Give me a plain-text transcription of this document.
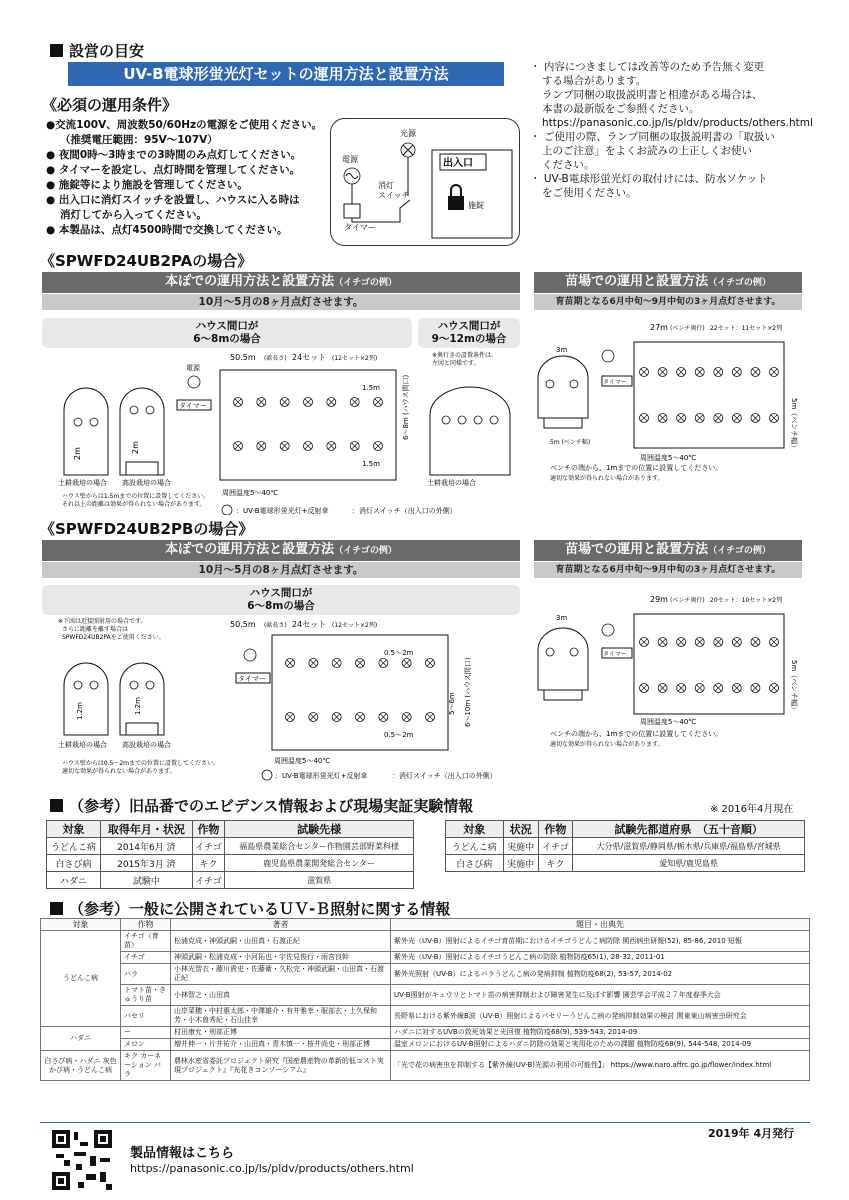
設営の目安
UV-B電球形蛍光灯セットの運用方法と設置方法
《必須の運用条件》
●交流100V、周波数50/60Hzの電源をご使用ください。
（推奨電圧範囲：95V～107V）
● 夜間0時～3時までの3時間のみ点灯してください。
● タイマーを設定し、点灯時間を管理してください。
● 施錠等により施設を管理してください。
● 出入口に消灯スイッチを設置し、ハウスに入る時は
消灯してから入ってください。
● 本製品は、点灯4500時間で交換してください。
電源
光源
タイマー
消灯
スイッチ
出入口
施錠
・ 内容につきましては改善等のため予告無く変更
する場合があります。
ランプ同梱の取扱説明書と相違がある場合は、
本書の最新版をご参照ください。
https://panasonic.co.jp/ls/pldv/products/others.html
・ ご使用の際、ランプ同梱の取扱説明書の「取扱い
上のご注意」をよくお読みの上正しくお使い
ください。
・ UV-B電球形蛍光灯の取付けには、防水ソケット
をご使用ください。
《SPWFD24UB2PAの場合》
本ぽでの運用方法と設置方法（イチゴの例）
10月～5月の8ヶ月点灯させます。
苗場での運用と設置方法（イチゴの例）
育苗期となる6月中旬～9月中旬の3ヶ月点灯させます。
ハウス間口が
6～8mの場合
ハウス間口が
9～12mの場合
2m
土耕栽培の場合
2m
高設栽培の場合
ハウス壁からは1.5mまでの位置に設置してください。
それ以上の距離は効果が得られない場合があります。
電源
タイマー
50.5m (畝長さ) 24セット (12セット×2列)
1.5m
1.5m
6～8m (ハウス間口)
周囲温度5～40℃
：UV-B電球形蛍光灯+反射傘	：消灯スイッチ（出入口の外側）
※奥行きの設置条件は、
左図と同様です。
土耕栽培の場合
27m (ベンチ奥行) 22セット：11セット×2列
5m (ベンチ幅)
3m
タイマー
5m（ベンチ幅）
周囲温度5～40℃
ベンチの端から、1mまでの位置に設置してください。
適切な効果が得られない場合があります。
《SPWFD24UB2PBの場合》
本ぽでの運用方法と設置方法（イチゴの例）
10月～5月の8ヶ月点灯させます。
苗場での運用と設置方法（イチゴの例）
育苗期となる6月中旬～9月中旬の3ヶ月点灯させます。
ハウス間口が
6～8mの場合
※下図は近接照射用の場合です。
さらに距離を離す場合は
SPWFD24UB2PAをご使用ください。
1.2m	1.2m
土耕栽培の場合 高設栽培の場合
ハウス壁からは0.5～2mまでの位置に設置してください。
適切な効果が得られない場合があります。
50.5m (畝長さ) 24セット (12セット×2列)
タイマー
0.5～2m
0.5～2m
5～6m 6～10m (ハウス間口)
周囲温度5～40℃
：UV-B電球形蛍光灯+反射傘	：消灯スイッチ（出入口の外側）
29m (ベンチ奥行) 20セット：10セット×2列
3m
タイマー
5m（ベンチ幅）
周囲温度5～40℃
ベンチの端から、1mまでの位置に設置してください。
適切な効果が得られない場合があります。
（参考）旧品番でのエビデンス情報および現場実証実験情報	※ 2016年4月現在
対象	取得年月・状況	作物	試験先様
うどんこ病	2014年6月 済	イチゴ	福島県農業総合センター作物園芸部野菜科様
白さび病	2015年3月 済	キク	鹿児島県農業開発総合センター
ハダニ	試験中	イチゴ	滋賀県
対象	状況	作物	試験先都道府県　（五十音順）
うどんこ病	実施中	イチゴ	大分県/滋賀県/静岡県/栃木県/兵庫県/福島県/宮城県
白さび病	実施中	キク	愛知県/鹿児島県
（参考）一般に公開されているＵＶ-Ｂ照射に関する情報
対象	作物	著者	題目・出典先
うどんこ病	イチゴ（育苗）	松浦克成・神頭武嗣・山田真・石渡正紀	紫外光（UV-B）照射によるイチゴ育苗期におけるイチゴうどんこ病防除 関西病虫研報(52), 85-86, 2010 短報
	イチゴ	神頭武嗣・松浦克成・小河拓也・宇佐見俊行・雨宮良幹	紫外光（UV-B）照射によるイチゴうどんこ病の防除 植物防疫65(1), 28-32, 2011-01
	バラ	小林光智衣・藤川貴史・佐藤衛・久松完・神頭武嗣・山田真・石渡正紀	紫外光照射（UV-B）によるバラうどんこ病の発病抑制 植物防疫68(2), 53-57, 2014-02
	トマト苗・きゅうり苗	小林智之・山田真	UV-B照射がキュウリとトマト苗の病害抑制および障害発生に及ぼす影響 園芸学会平成２７年度春季大会
	パセリ	山岸菜穂・中村惠太郎・中澤雄介・有井雅幸・服部玄・上久保和芳・小木曽秀紀・石山佳幸	長野県における紫外線B波（UV-B）照射によるパセリーうどんこ病の発病抑制効果の検討 関東東山病害虫研究会
ハダニ	ー	村田康允・刑部正博	ハダニに対するUVBの致死効果と光回復 植物防疫68(9), 539-543, 2014-09
	メロン	増井伸一・片井祐介・山田真・青木慎一・桜井尚史・刑部正博	温室メロンにおけるUV-B照射によるハダニ防除の効果と実用化のための課題 植物防疫68(9), 544-548, 2014-09
白さび病・ハダニ 灰色かび病・うどんこ病	キク カーネーション バラ	農林水産省委託プロジェクト研究『国産農産物の革新的低コスト実現プロジェクト』『光花きコンソーシアム』	「光で花の病害虫を抑制する【紫外線(UV-B)光源の利用の可能性】」 https://www.naro.affrc.go.jp/flower/index.html
2019年 4月発行
製品情報はこちら
https://panasonic.co.jp/ls/pldv/products/others.html
